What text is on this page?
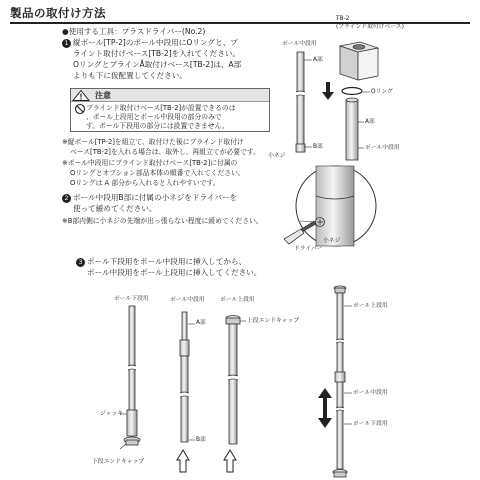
製品の取付け方法
●使用する工具：プラスドライバー(No.2)
1 縦ポール[TP-2]のポール中段用にOリングと、プ
ライント取付けベース[TB-2]を入れてください。
OリングとブラインÅ取付けベース[TB-2]は、A部
よりも下に仮配置してください。
注意
ブラインド取付けベース[TB-2]が設置できるのは
、ポール上段用とポール中段用の部分のみで
す。ポール下段用の部分には設置できません。
※縦ポール[TP-2]を組立て、取付けた後にブラインド取付け
ベース[TB-2]を入れる場合は、取外し、再組立てが必要です。
※ポール中段用にブラインド取付けベース[TB-2]に付属の
Oリングとオプション部品本体の順番で入れてください。
Oリングは A 部分から入れると入れやすいです。
2 ポール中段用B部に付属の小ネジをドライバーを
使って緩めてください。
※B部内側に小ネジの先端が出っ張らない程度に緩めてください。
3 ポール下段用をポール中段用に挿入してから、
ポール中段用をポール上段用に挿入してください。
TB-2
(ブラインド取付けベース)
ポール中段用
A部
Oリング
A部
ポール中段用
B部
小ネジ
小ネジ
ドライバー
ポール下段用	ポール中段用	ポール上段用
A部	上段エンドキャップ
ジャッキ
B部
下段エンドキャップ
ポール上段用
ポール中段用
ポール下段用
